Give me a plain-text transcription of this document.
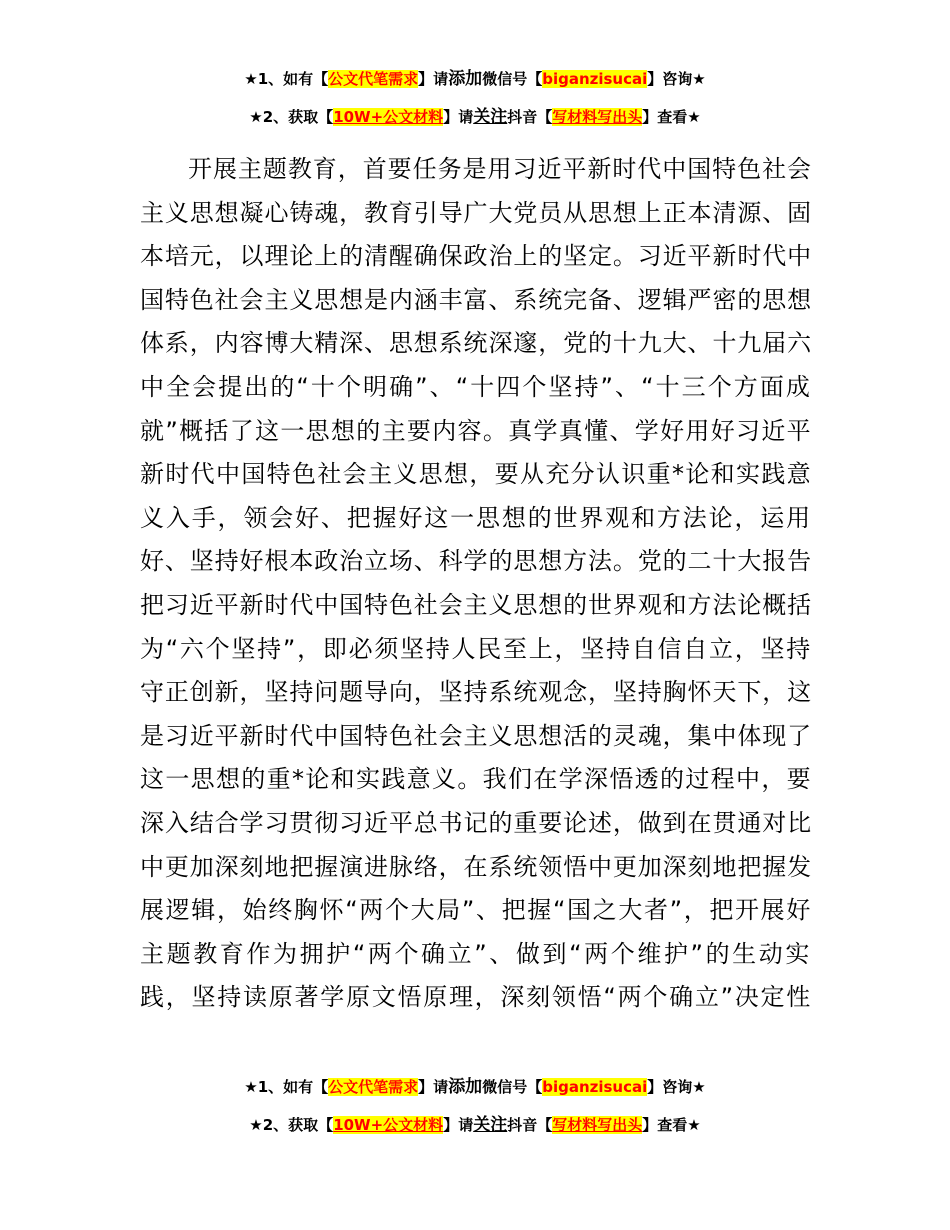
★1、如有【公文代笔需求】请添加微信号【biganzisucai】咨询★
★2、获取【10W+公文材料】请关注抖音【写材料写出头】查看★
开展主题教育，首要任务是用习近平新时代中国特色社会
主义思想凝心铸魂，教育引导广大党员从思想上正本清源、固
本培元，以理论上的清醒确保政治上的坚定。习近平新时代中
国特色社会主义思想是内涵丰富、系统完备、逻辑严密的思想
体系，内容博大精深、思想系统深邃，党的十九大、十九届六
中全会提出的“十个明确”、“十四个坚持”、“十三个方面成
就”概括了这一思想的主要内容。真学真懂、学好用好习近平
新时代中国特色社会主义思想，要从充分认识重*论和实践意
义入手，领会好、把握好这一思想的世界观和方法论，运用
好、坚持好根本政治立场、科学的思想方法。党的二十大报告
把习近平新时代中国特色社会主义思想的世界观和方法论概括
为“六个坚持”，即必须坚持人民至上，坚持自信自立，坚持
守正创新，坚持问题导向，坚持系统观念，坚持胸怀天下，这
是习近平新时代中国特色社会主义思想活的灵魂，集中体现了
这一思想的重*论和实践意义。我们在学深悟透的过程中，要
深入结合学习贯彻习近平总书记的重要论述，做到在贯通对比
中更加深刻地把握演进脉络，在系统领悟中更加深刻地把握发
展逻辑，始终胸怀“两个大局”、把握“国之大者”，把开展好
主题教育作为拥护“两个确立”、做到“两个维护”的生动实
践，坚持读原著学原文悟原理，深刻领悟“两个确立”决定性
★1、如有【公文代笔需求】请添加微信号【biganzisucai】咨询★
★2、获取【10W+公文材料】请关注抖音【写材料写出头】查看★
